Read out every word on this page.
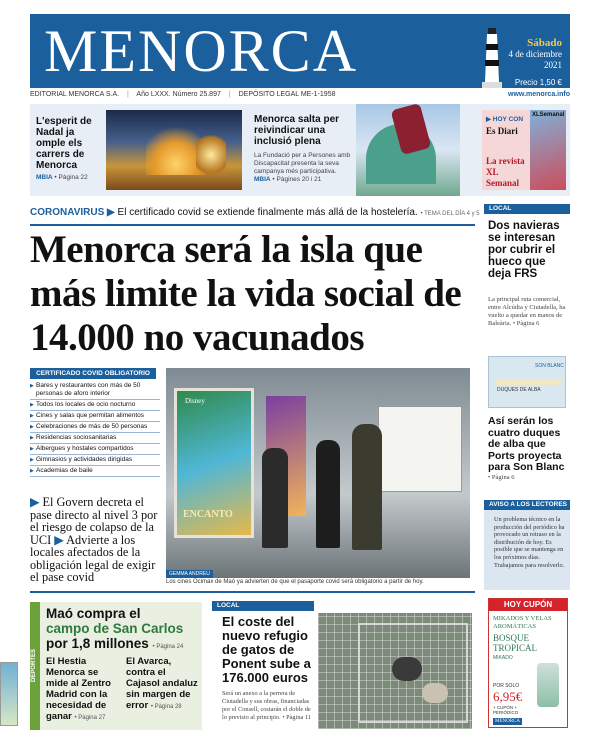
MENORCA	Sábado
4 de diciembre
2021
Precio 1,50 €
EDITORIAL MENORCA S.A. | Año LXXX. Número 25.897 | DEPÓSITO LEGAL ME-1-1958	www.menorca.info
L'esperit de Nadal ja omple els carrers de Menorca
MBIA • Pàgina 22
Menorca salta per reivindicar una inclusió plena
La Fundació per a Persones amb Discapacitat presenta la seva campanya més participativa. MBIA • Pàgines 20 i 21
▶ HOY CON
Es Diari
La revista XL Semanal
XLSemanal
CORONAVIRUS ▶ El certificado covid se extiende finalmente más allá de la hostelería. • TEMA DEL DÍA 4 y 5
Menorca será la isla que más limite la vida social de 14.000 no vacunados
CERTIFICADO COVID OBLIGATORIO
▶ Bares y restaurantes con más de 50 personas de aforo interior
▶ Todos los locales de ocio nocturno
▶ Cines y salas que permitan alimentos
▶ Celebraciones de más de 50 personas
▶ Residencias sociosanitarias
▶ Albergues y hostales compartidos
▶ Gimnasios y actividades dirigidas
▶ Academias de baile
▶ El Govern decreta el pase directo al nivel 3 por el riesgo de colapso de la UCI ▶ Advierte a los locales afectados de la obligación legal de exigir el pase covid
Disney
ENCANTO
GEMMA ANDREU
Los cines Ocimax de Maó ya advierten de que el pasaporte covid será obligatorio a partir de hoy.
LOCAL
Dos navieras se interesan por cubrir el hueco que deja FRS
La principal ruta comercial, entre Alcúdia y Ciutadella, ha vuelto a quedar en manos de Baleària. • Pàgina 6
DUQUES DE ALBA
SON BLANC
Así serán los cuatro duques de alba que Ports proyecta para Son Blanc
• Pàgina 6
AVISO A LOS LECTORES
Un problema técnico en la producción del periódico ha provocado un retraso en la distribución de hoy. Es posible que se mantenga en los próximos días. Trabajamos para resolverlo.
HOY CUPÓN
MIKADOS Y VELAS AROMÁTICAS
BOSQUE TROPICAL
MIKADO
POR SOLO
6,95€
+ CUPÓN + PERIÓDICO
MENORCA
DEPORTES
Maó compra el
campo de San Carlos
por 1,8 millones • Pàgina 24
El Hestia Menorca se mide al Zentro Madrid con la necesidad de ganar • Pàgina 27
El Avarca, contra el Cajasol andaluz sin margen de error • Pàgina 28
LOCAL
El coste del nuevo refugio de gatos de Ponent sube a 176.000 euros
Será un anexo a la perrera de Ciutadella y sus obras, financiadas por el Consell, costarán el doble de lo previsto al principio. • Pàgina 11
